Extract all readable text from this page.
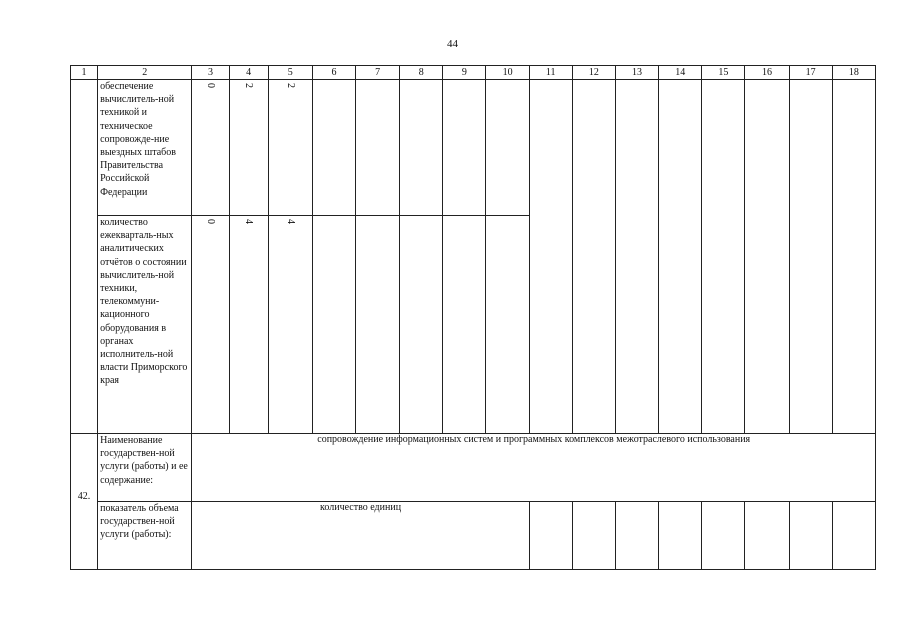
44
1	2	3	4	5	6	7	8	9	10	11	12	13	14	15	16	17	18
	обеспечение вычислитель-ной техникой и техническое сопровожде-ние выездных штабов Правительства Российской Федерации	0	2	2													
	количество ежекварталь-ных аналитических отчётов о состоянии вычислитель-ной техники, телекоммуни-кационного оборудования в органах исполнитель-ной власти Приморского края	0	4	4													

42.	Наименование государствен-ной услуги (работы) и ее содержание:	сопровождение информационных систем и программных комплексов межотраслевого использования															
	показатель объема государствен-ной услуги (работы):	количество единиц															
